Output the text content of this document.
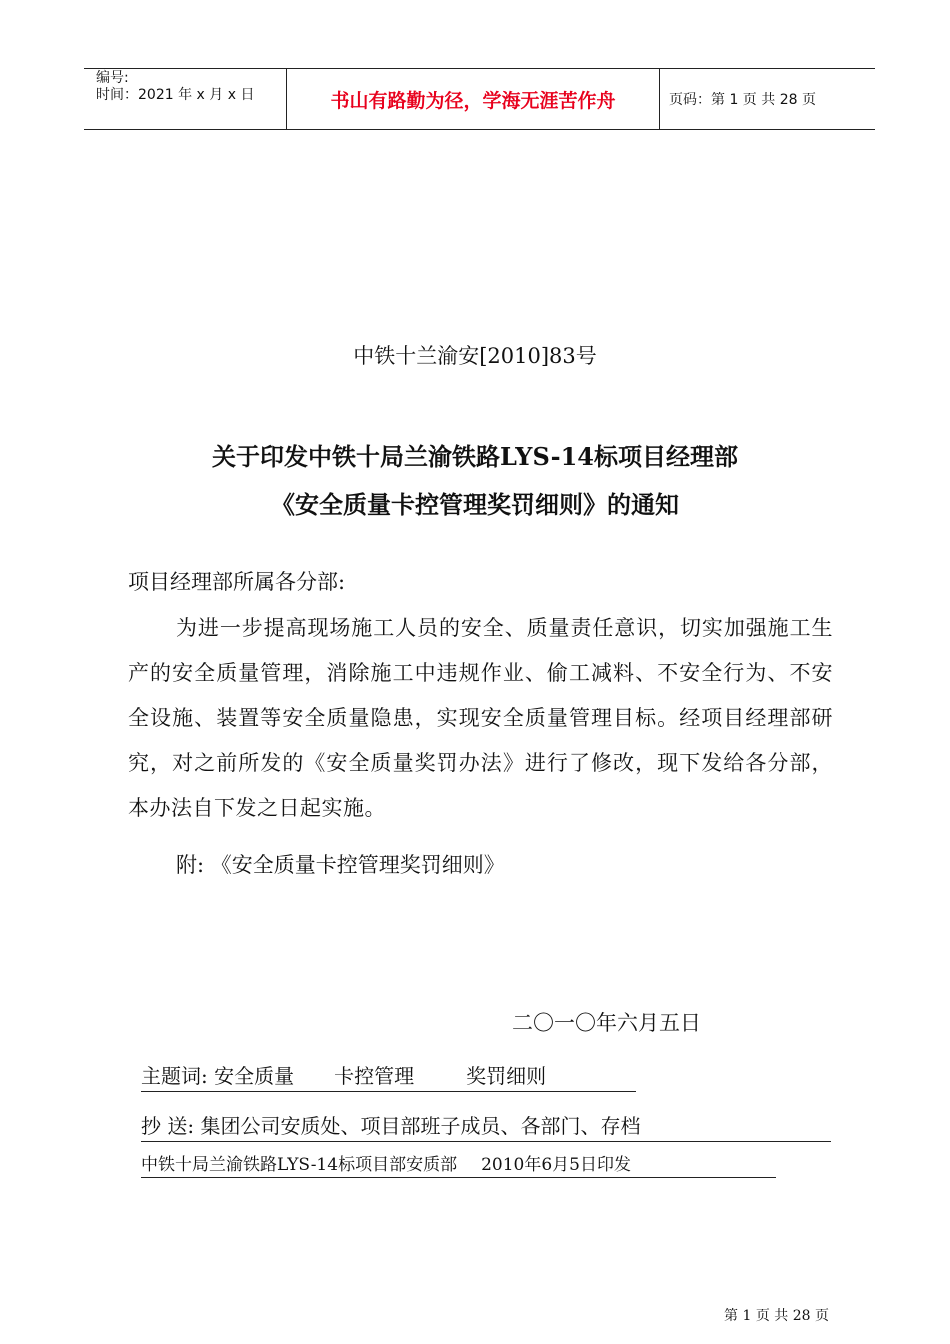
编号:
时间：2021 年 x 月 x 日	书山有路勤为径，学海无涯苦作舟	页码：第 1 页 共 28 页
中铁十兰渝安[2010]83号
关于印发中铁十局兰渝铁路LYS-14标项目经理部
《安全质量卡控管理奖罚细则》的通知
项目经理部所属各分部:
为进一步提高现场施工人员的安全、质量责任意识，切实加强施工生产的安全质量管理，消除施工中违规作业、偷工减料、不安全行为、不安全设施、装置等安全质量隐患，实现安全质量管理目标。经项目经理部研究，对之前所发的《安全质量奖罚办法》进行了修改，现下发给各分部，本办法自下发之日起实施。
附: 《安全质量卡控管理奖罚细则》
二〇一〇年六月五日
主题词: 安全质量 卡控管理	奖罚细则
抄 送: 集团公司安质处、项目部班子成员、各部门、存档
中铁十局兰渝铁路LYS-14标项目部安质部 2010年6月5日印发
第 1 页 共 28 页
